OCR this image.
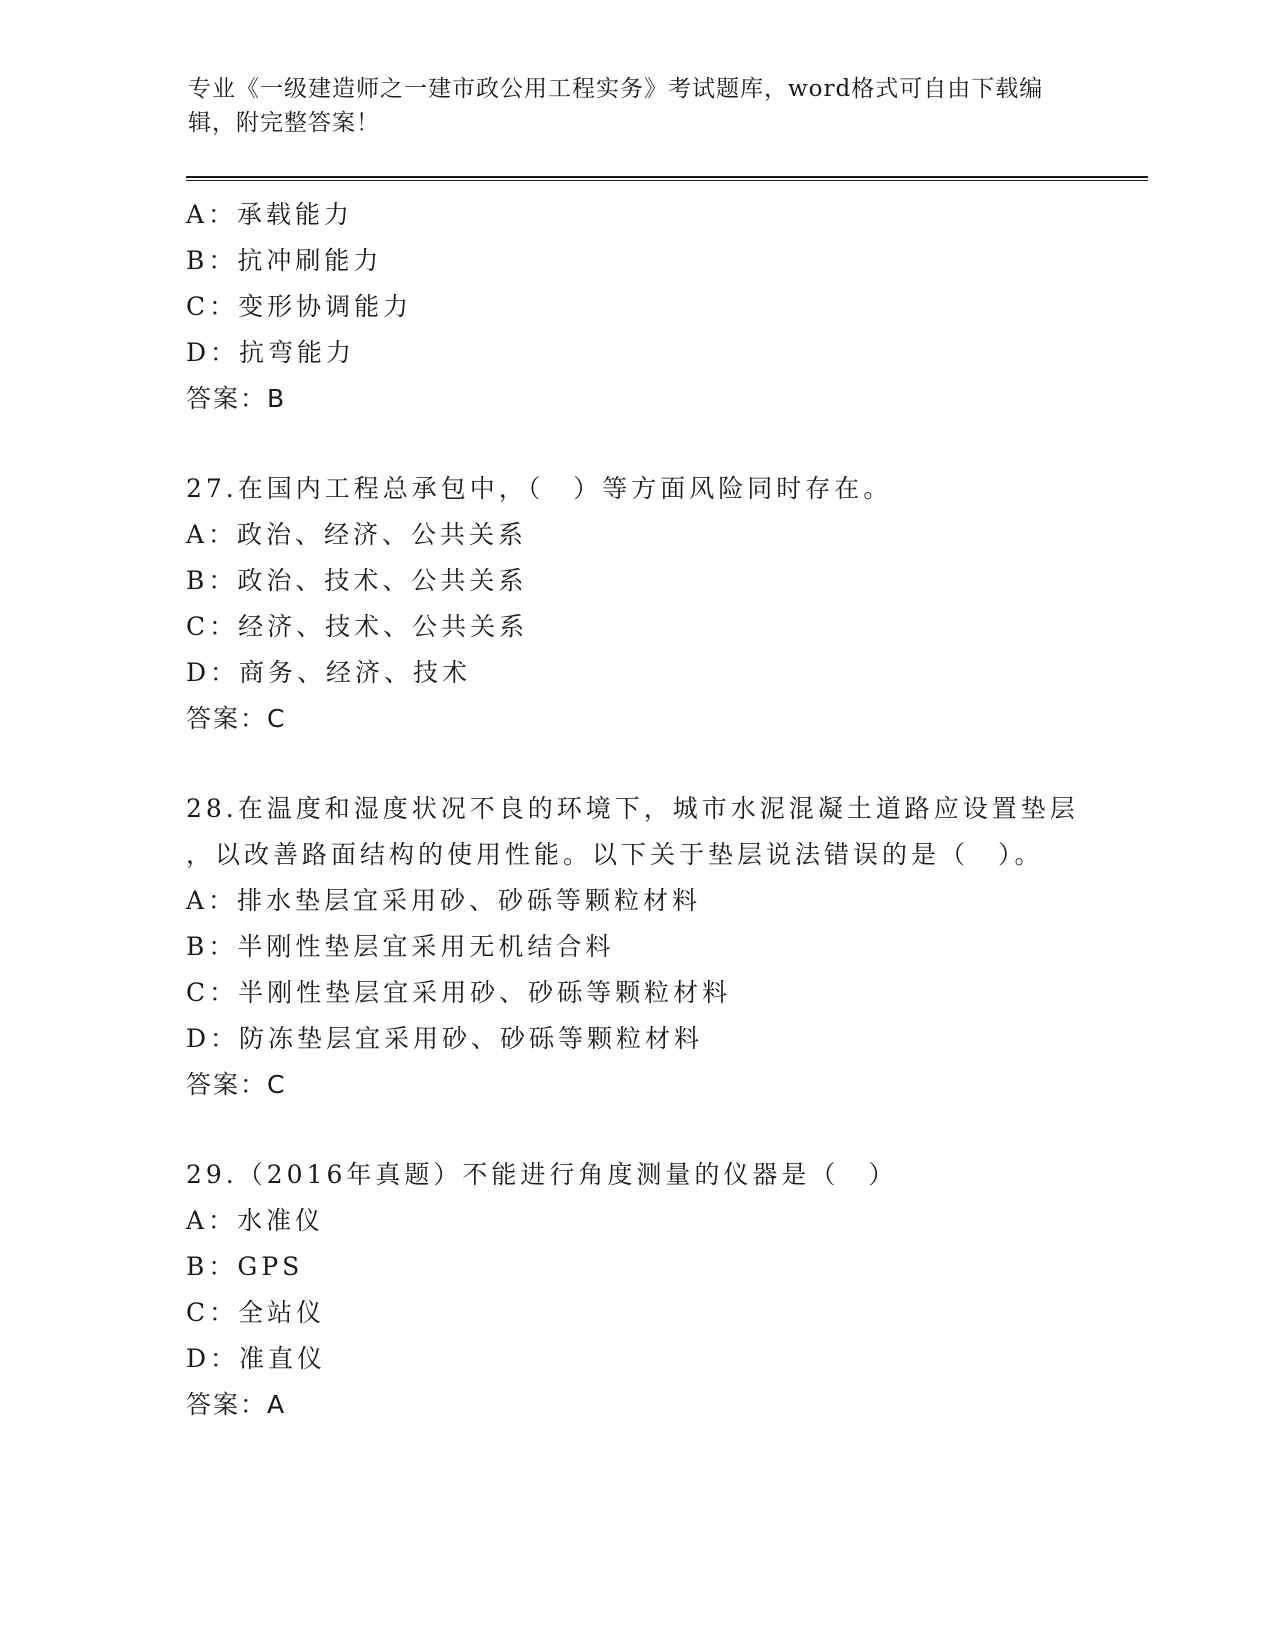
专业《一级建造师之一建市政公用工程实务》考试题库，word格式可自由下载编
辑，附完整答案！
A：承载能力
B：抗冲刷能力
C：变形协调能力
D：抗弯能力
答案：B
27.在国内工程总承包中，（　）等方面风险同时存在。
A：政治、经济、公共关系
B：政治、技术、公共关系
C：经济、技术、公共关系
D：商务、经济、技术
答案：C
28.在温度和湿度状况不良的环境下，城市水泥混凝土道路应设置垫层
，以改善路面结构的使用性能。以下关于垫层说法错误的是（　）。
A：排水垫层宜采用砂、砂砾等颗粒材料
B：半刚性垫层宜采用无机结合料
C：半刚性垫层宜采用砂、砂砾等颗粒材料
D：防冻垫层宜采用砂、砂砾等颗粒材料
答案：C
29.（2016年真题）不能进行角度测量的仪器是（　）
A：水准仪
B：GPS
C：全站仪
D：准直仪
答案：A
